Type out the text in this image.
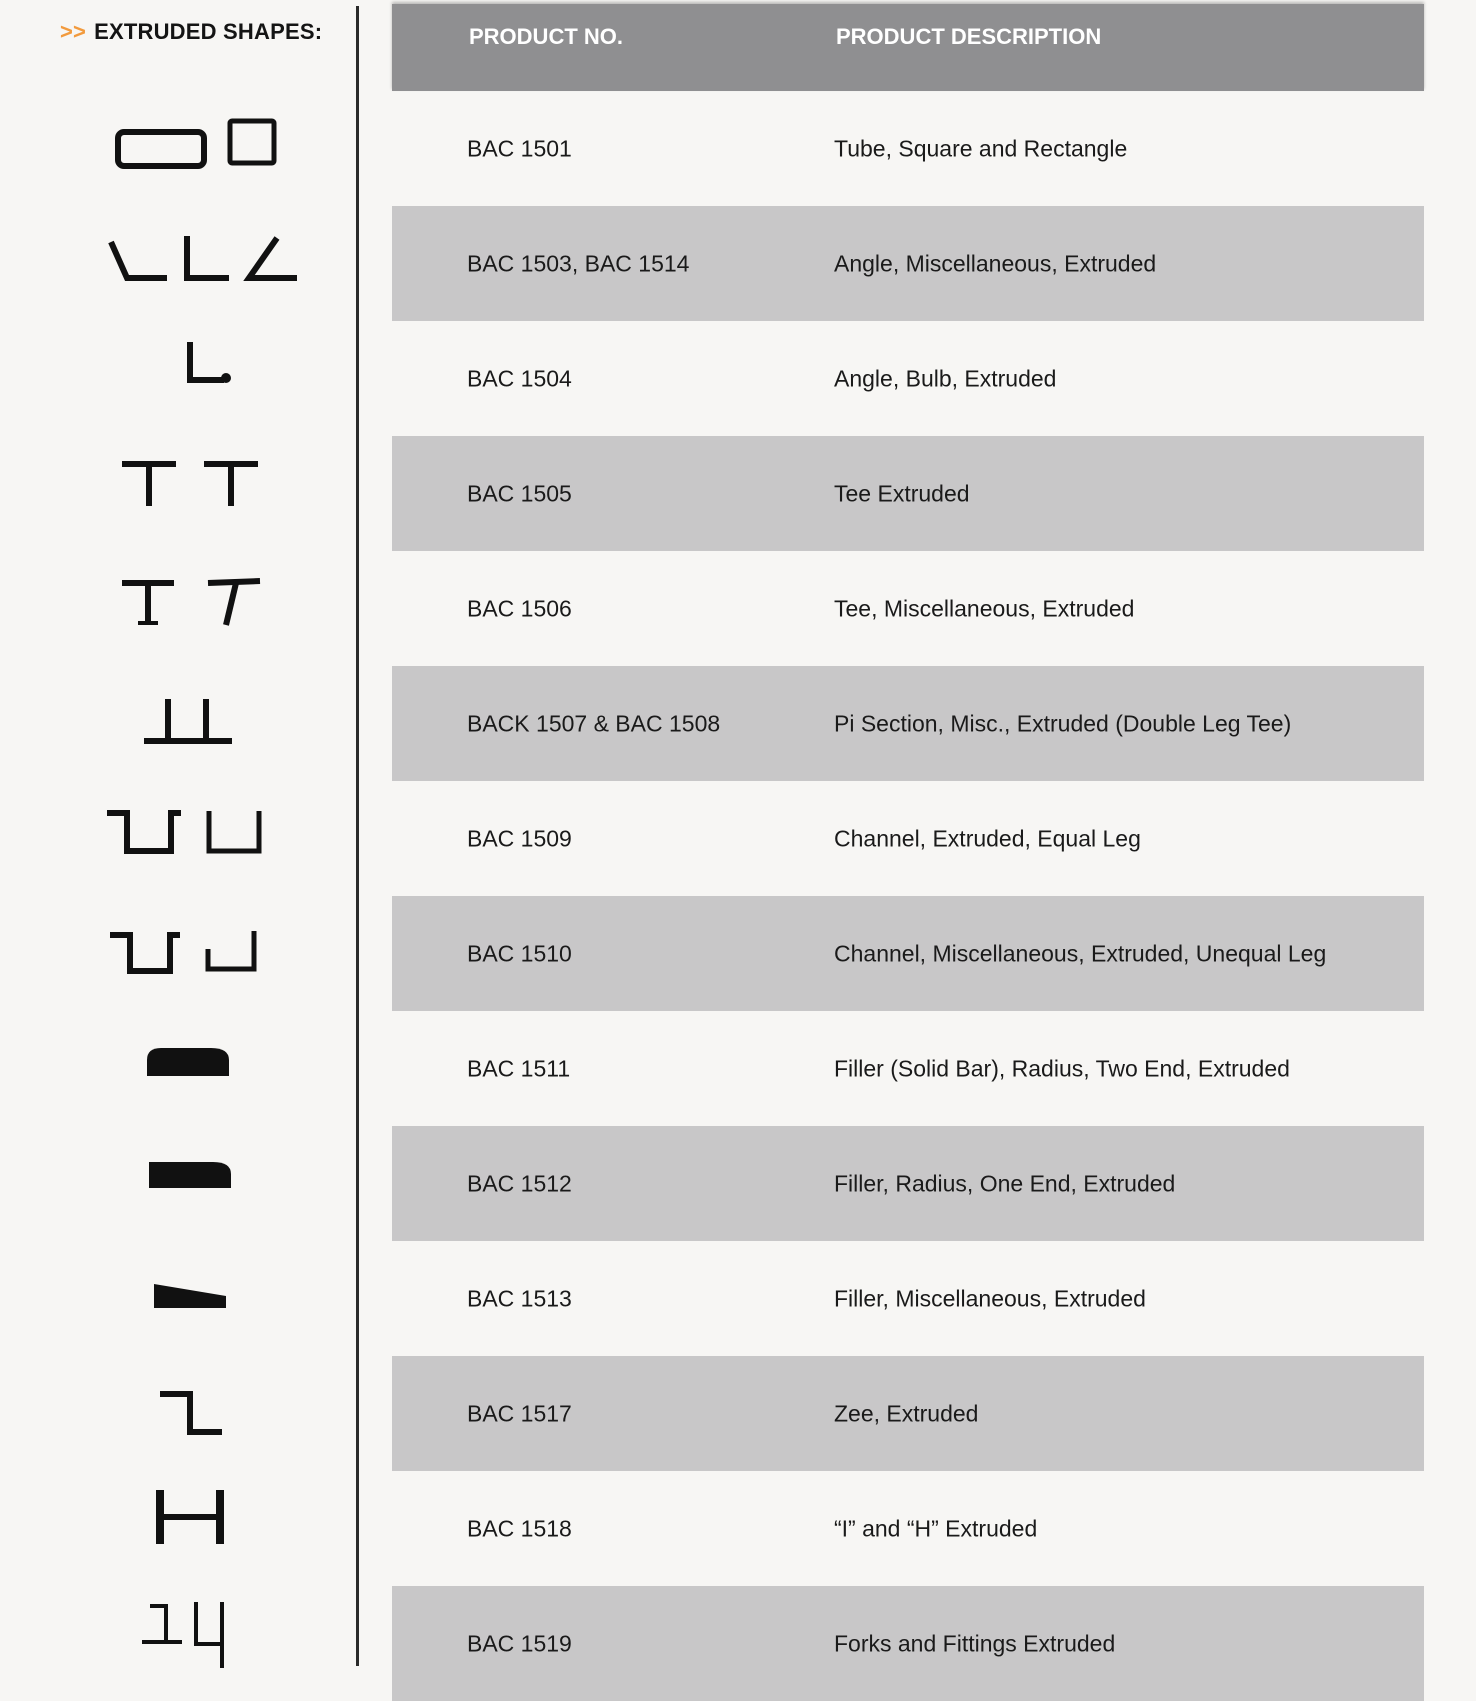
>> EXTRUDED SHAPES:	PRODUCT NO.	PRODUCT DESCRIPTION
BAC 1501	Tube, Square and Rectangle
BAC 1503, BAC 1514	Angle, Miscellaneous, Extruded
BAC 1504	Angle, Bulb, Extruded
BAC 1505	Tee Extruded
BAC 1506	Tee, Miscellaneous, Extruded
BACK 1507 & BAC 1508	Pi Section, Misc., Extruded (Double Leg Tee)
BAC 1509	Channel, Extruded, Equal Leg
BAC 1510	Channel, Miscellaneous, Extruded, Unequal Leg
BAC 1511	Filler (Solid Bar), Radius, Two End, Extruded
BAC 1512	Filler, Radius, One End, Extruded
BAC 1513	Filler, Miscellaneous, Extruded
BAC 1517	Zee, Extruded
BAC 1518	“I” and “H” Extruded
BAC 1519	Forks and Fittings Extruded
